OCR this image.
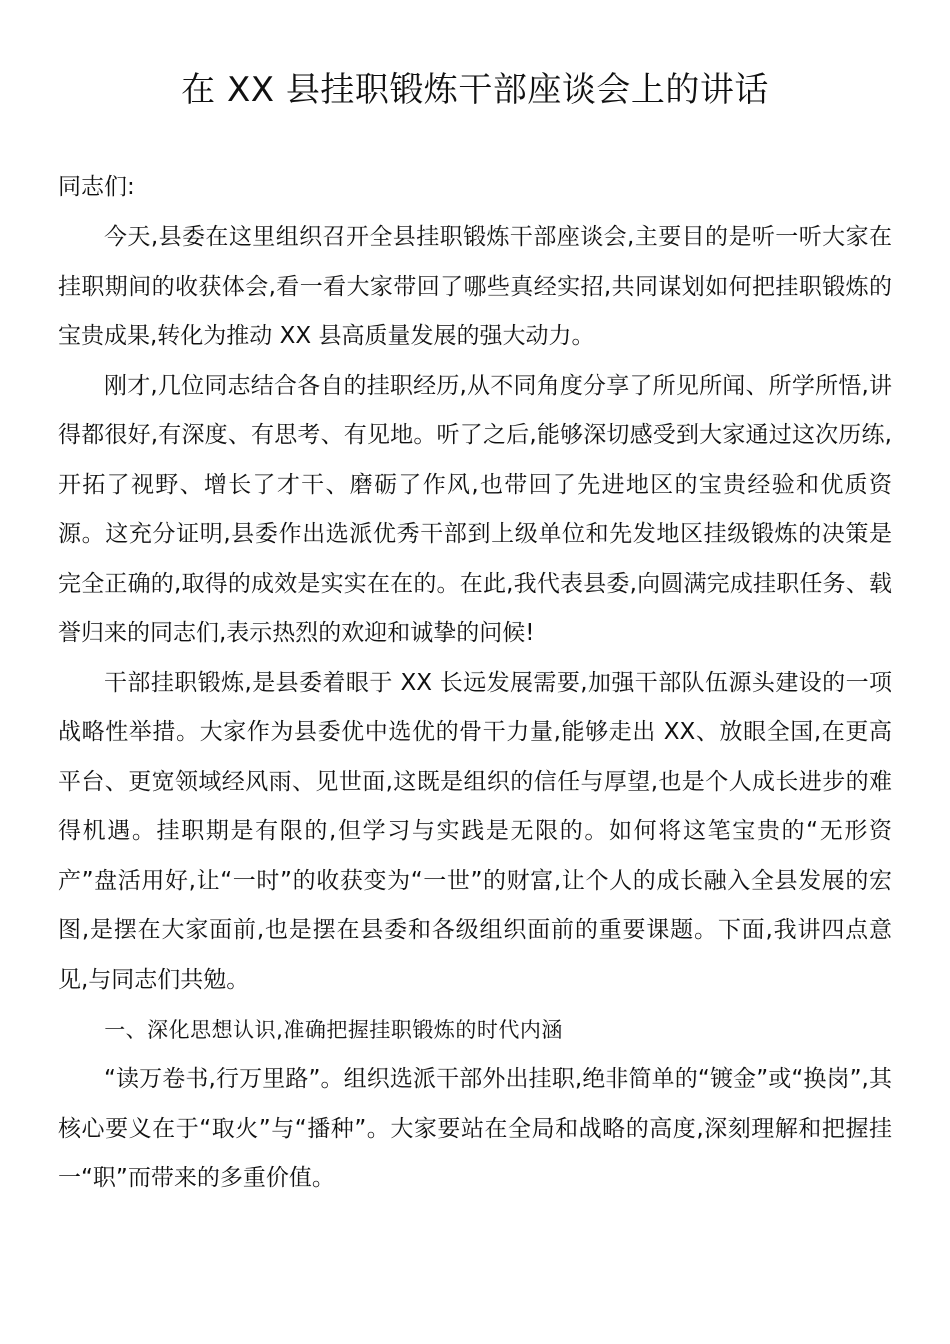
在 XX 县挂职锻炼干部座谈会上的讲话

同志们:

今天,县委在这里组织召开全县挂职锻炼干部座谈会,主要目的是听一听大家在挂职期间的收获体会,看一看大家带回了哪些真经实招,共同谋划如何把挂职锻炼的宝贵成果,转化为推动 XX 县高质量发展的强大动力。

刚才,几位同志结合各自的挂职经历,从不同角度分享了所见所闻、所学所悟,讲得都很好,有深度、有思考、有见地。听了之后,能够深切感受到大家通过这次历练,开拓了视野、增长了才干、磨砺了作风,也带回了先进地区的宝贵经验和优质资源。这充分证明,县委作出选派优秀干部到上级单位和先发地区挂级锻炼的决策是完全正确的,取得的成效是实实在在的。在此,我代表县委,向圆满完成挂职任务、载誉归来的同志们,表示热烈的欢迎和诚挚的问候!

干部挂职锻炼,是县委着眼于 XX 长远发展需要,加强干部队伍源头建设的一项战略性举措。大家作为县委优中选优的骨干力量,能够走出 XX、放眼全国,在更高平台、更宽领域经风雨、见世面,这既是组织的信任与厚望,也是个人成长进步的难得机遇。挂职期是有限的,但学习与实践是无限的。如何将这笔宝贵的“无形资产”盘活用好,让“一时”的收获变为“一世”的财富,让个人的成长融入全县发展的宏图,是摆在大家面前,也是摆在县委和各级组织面前的重要课题。下面,我讲四点意见,与同志们共勉。

一、深化思想认识,准确把握挂职锻炼的时代内涵

“读万卷书,行万里路”。组织选派干部外出挂职,绝非简单的“镀金”或“换岗”,其核心要义在于“取火”与“播种”。大家要站在全局和战略的高度,深刻理解和把握挂一“职”而带来的多重价值。
